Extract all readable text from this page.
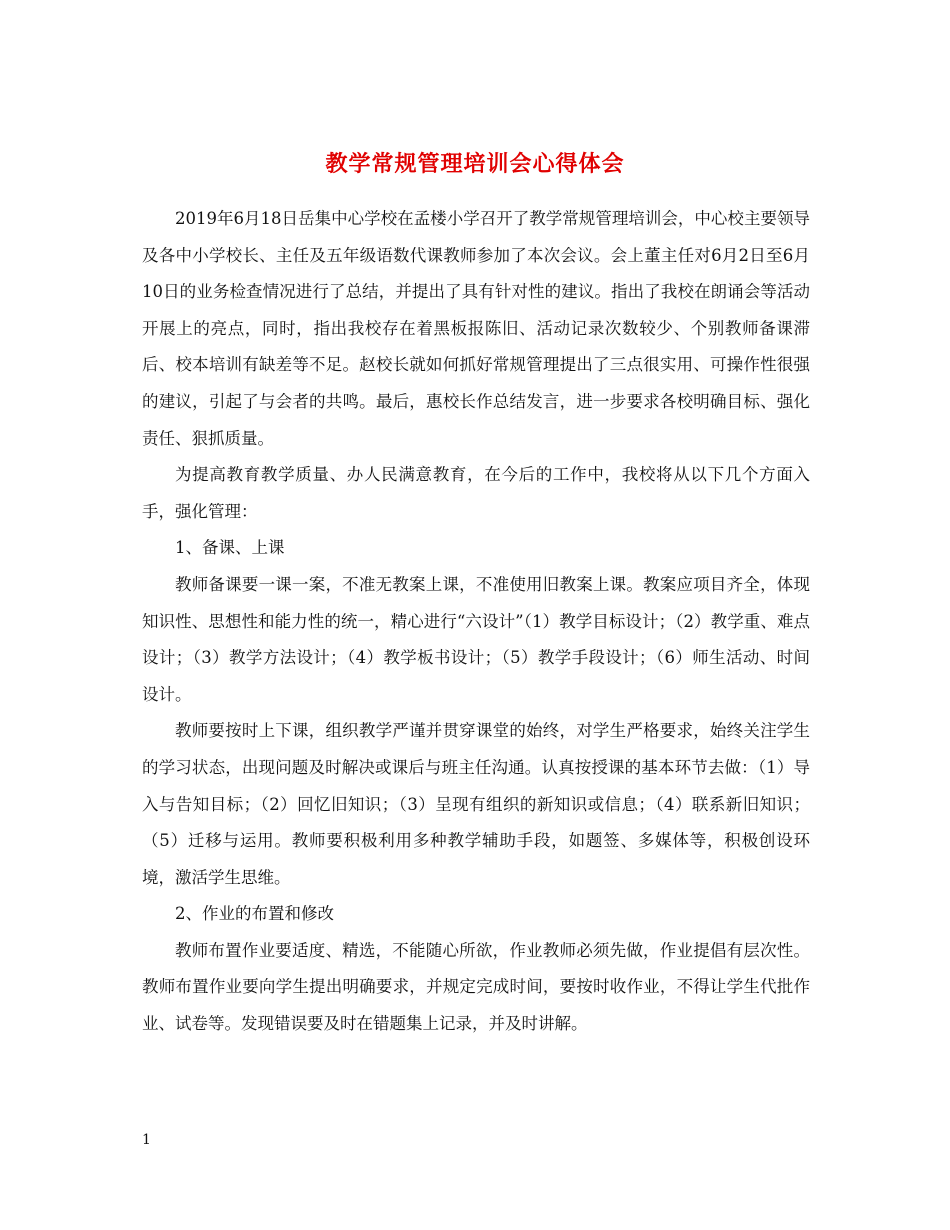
教学常规管理培训会心得体会

2019年6月18日岳集中心学校在孟楼小学召开了教学常规管理培训会，中心校主要领导及各中小学校长、主任及五年级语数代课教师参加了本次会议。会上董主任对6月2日至6月10日的业务检查情况进行了总结，并提出了具有针对性的建议。指出了我校在朗诵会等活动开展上的亮点，同时，指出我校存在着黑板报陈旧、活动记录次数较少、个别教师备课滞后、校本培训有缺差等不足。赵校长就如何抓好常规管理提出了三点很实用、可操作性很强的建议，引起了与会者的共鸣。最后，惠校长作总结发言，进一步要求各校明确目标、强化责任、狠抓质量。

为提高教育教学质量、办人民满意教育，在今后的工作中，我校将从以下几个方面入手，强化管理：

1、备课、上课

教师备课要一课一案，不准无教案上课，不准使用旧教案上课。教案应项目齐全，体现知识性、思想性和能力性的统一，精心进行“六设计”（1）教学目标设计；（2）教学重、难点设计；（3）教学方法设计；（4）教学板书设计；（5）教学手段设计；（6）师生活动、时间设计。

教师要按时上下课，组织教学严谨并贯穿课堂的始终，对学生严格要求，始终关注学生的学习状态，出现问题及时解决或课后与班主任沟通。认真按授课的基本环节去做：（1）导入与告知目标；（2）回忆旧知识；（3）呈现有组织的新知识或信息；（4）联系新旧知识；（5）迁移与运用。教师要积极利用多种教学辅助手段，如题签、多媒体等，积极创设环境，激活学生思维。

2、作业的布置和修改

教师布置作业要适度、精选，不能随心所欲，作业教师必须先做，作业提倡有层次性。教师布置作业要向学生提出明确要求，并规定完成时间，要按时收作业，不得让学生代批作业、试卷等。发现错误要及时在错题集上记录，并及时讲解。

1
